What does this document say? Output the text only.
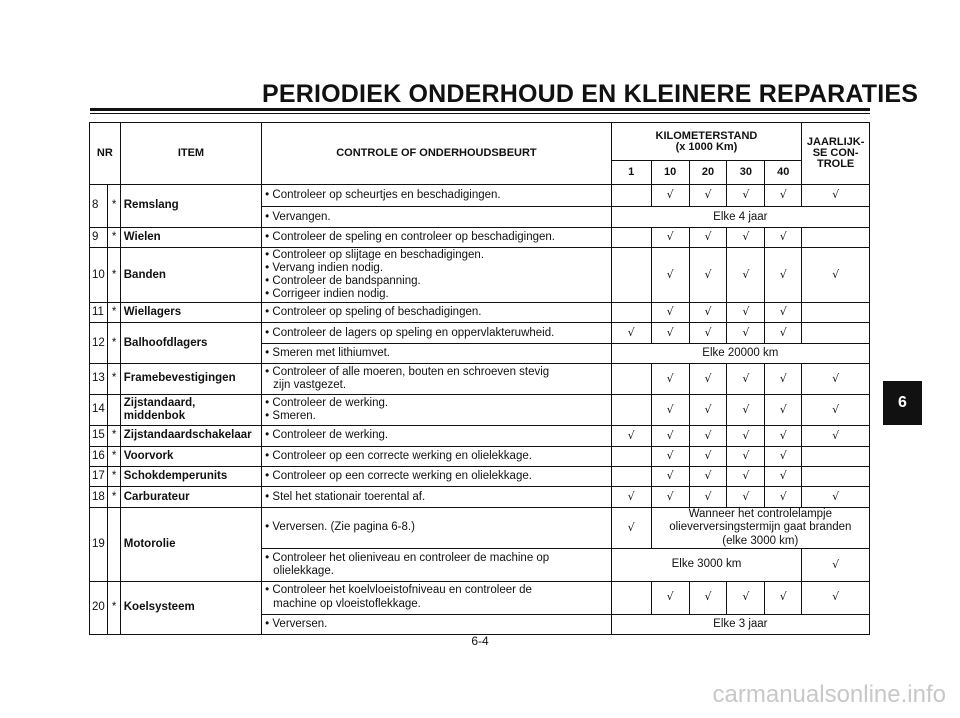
PERIODIEK ONDERHOUD EN KLEINERE REPARATIES
NR		ITEM	CONTROLE OF ONDERHOUDSBEURT	KILOMETERSTAND
(x 1000 Km)					JAARLIJK-
SE CON-
TROLE

				1	10	20	30	40	
8	*	Remslang	• Controleer op scheurtjes en beschadigingen.		√	√	√	√	√

			• Vervangen.	Elke 4 jaar					
9	*	Wielen	• Controleer de speling en controleer op beschadigingen.		√	√	√	√	
10	*	Banden	• Controleer op slijtage en beschadigingen.
• Vervang indien nodig.
• Controleer de bandspanning.
• Corrigeer indien nodig.		√	√	√	√	√
11	*	Wiellagers	• Controleer op speling of beschadigingen.		√	√	√	√	
12	*	Balhoofdlagers	• Controleer de lagers op speling en oppervlakteruwheid.	√	√	√	√	√	

			• Smeren met lithiumvet.	Elke 20000 km					
13	*	Framebevestigingen	• Controleer of alle moeren, bouten en schroeven stevig
zijn vastgezet.		√	√	√	√	√
14		Zijstandaard,
middenbok	• Controleer de werking.
• Smeren.		√	√	√	√	√
15	*	Zijstandaardschakelaar	• Controleer de werking.	√	√	√	√	√	√
16	*	Voorvork	• Controleer op een correcte werking en olielekkage.		√	√	√	√	
17	*	Schokdemperunits	• Controleer op een correcte werking en olielekkage.		√	√	√	√	
18	*	Carburateur	• Stel het stationair toerental af.	√	√	√	√	√	√
19		Motorolie	• Verversen. (Zie pagina 6-8.)	√	Wanneer het controlelampje
olieverversingstermijn gaat branden
(elke 3000 km)				

			• Controleer het olieniveau en controleer de machine op
olielekkage.	Elke 3000 km					√
20	*	Koelsysteem	• Controleer het koelvloeistofniveau en controleer de
machine op vloeistoflekkage.		√	√	√	√	√

			• Verversen.	Elke 3 jaar					
6
6-4
carmanualsonline.info
